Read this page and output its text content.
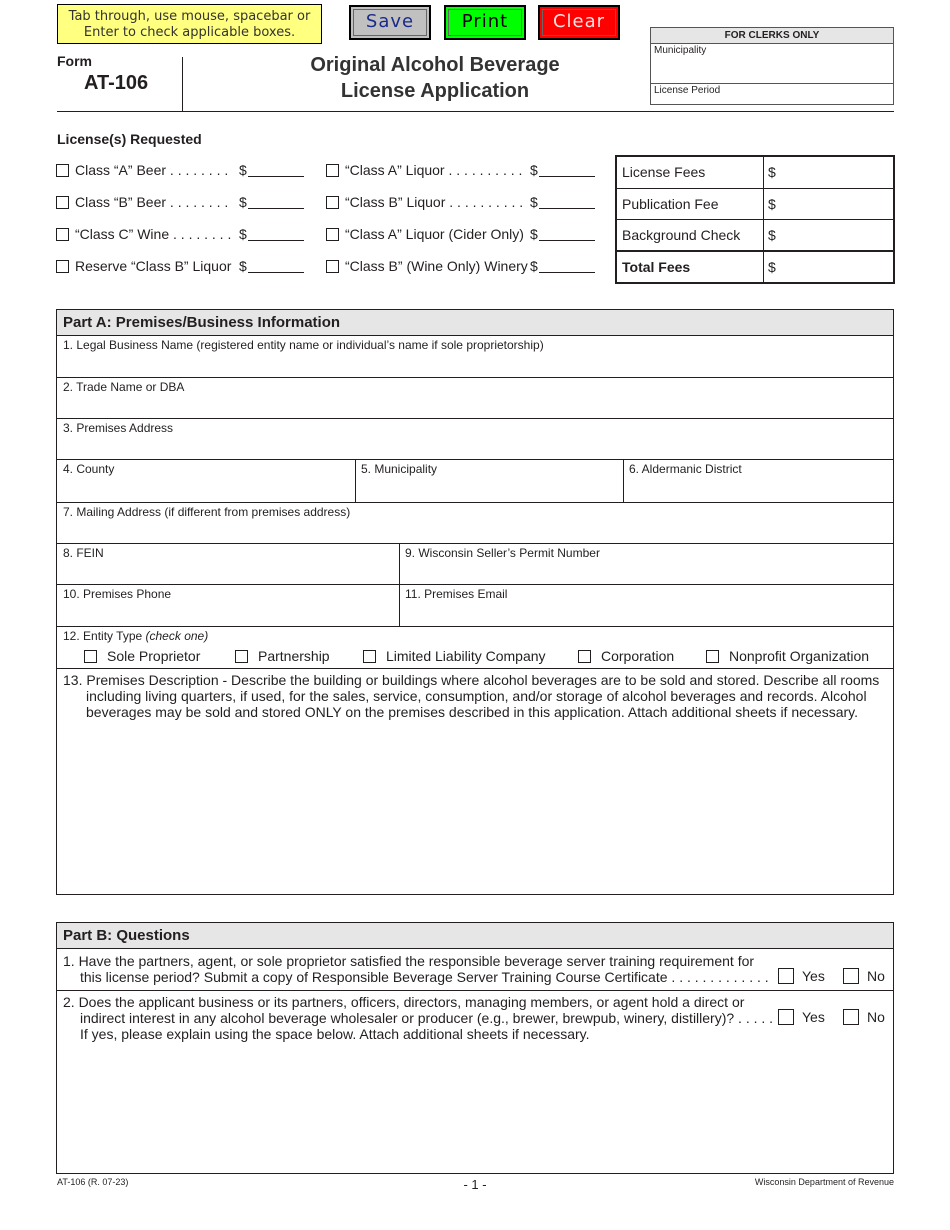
Tab through, use mouse, spacebar or Enter to check applicable boxes.
Save	Print	Clear
Form
AT-106
Original Alcohol Beverage
License Application
FOR CLERKS ONLY
Municipality
License Period
License(s) Requested
Class “A” Beer . . . . . . . . $
Class “B” Beer . . . . . . . . $
“Class C” Wine . . . . . . . . $
Reserve “Class B” Liquor $
“Class A” Liquor . . . . . . . . . . $
“Class B” Liquor . . . . . . . . . . $
“Class A” Liquor (Cider Only) $
“Class B” (Wine Only) Winery $
License Fees	$
Publication Fee	$
Background Check $
Total Fees	$
Part A: Premises/Business Information
1. Legal Business Name (registered entity name or individual’s name if sole proprietorship)
2. Trade Name or DBA
3. Premises Address
4. County	5. Municipality	6. Aldermanic District
7. Mailing Address (if different from premises address)
8. FEIN	9. Wisconsin Seller’s Permit Number
10. Premises Phone	11. Premises Email
12. Entity Type (check one)
Sole Proprietor	Partnership	Limited Liability Company	Corporation	Nonprofit Organization
13. Premises Description - Describe the building or buildings where alcohol beverages are to be sold and stored. Describe all rooms
including living quarters, if used, for the sales, service, consumption, and/or storage of alcohol beverages and records. Alcohol
beverages may be sold and stored ONLY on the premises described in this application. Attach additional sheets if necessary.
Part B: Questions
1. Have the partners, agent, or sole proprietor satisfied the responsible beverage server training requirement for
this license period? Submit a copy of Responsible Beverage Server Training Course Certificate . . . . . . . . . . . . . Yes	No
2. Does the applicant business or its partners, officers, directors, managing members, or agent hold a direct or
indirect interest in any alcohol beverage wholesaler or producer (e.g., brewer, brewpub, winery, distillery)? . . . . .
If yes, please explain using the space below. Attach additional sheets if necessary.
Yes	No
AT-106 (R. 07-23)	- 1 -	Wisconsin Department of Revenue
